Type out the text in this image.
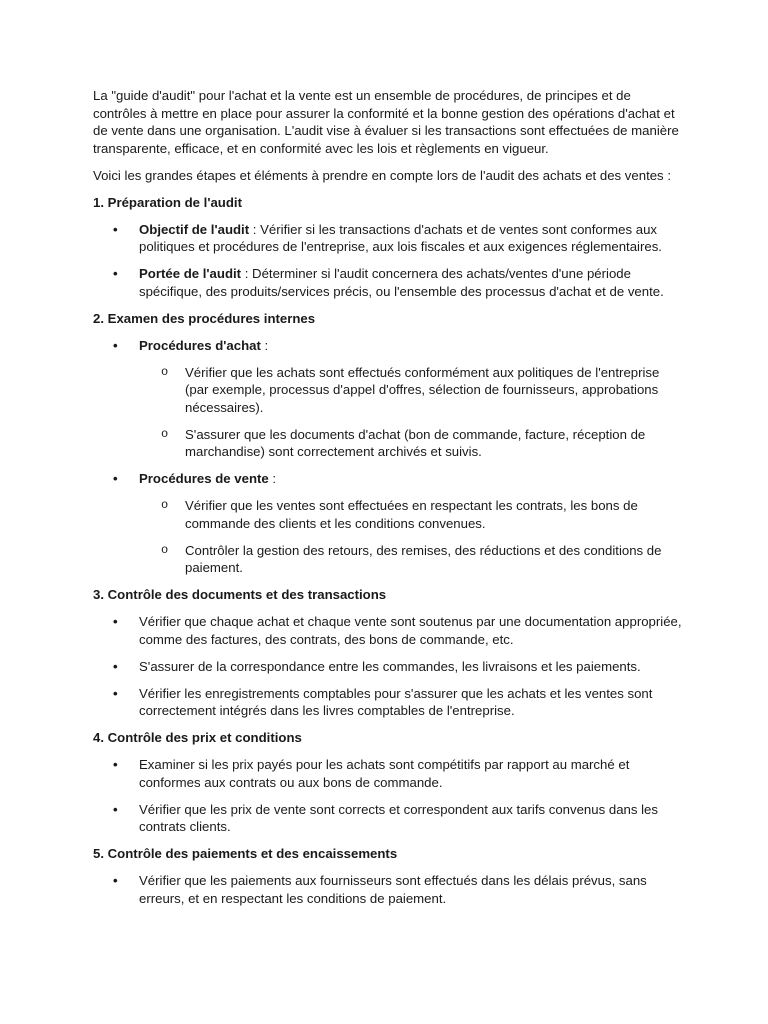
La "guide d'audit" pour l'achat et la vente est un ensemble de procédures, de principes et de contrôles à mettre en place pour assurer la conformité et la bonne gestion des opérations d'achat et de vente dans une organisation. L'audit vise à évaluer si les transactions sont effectuées de manière transparente, efficace, et en conformité avec les lois et règlements en vigueur.

Voici les grandes étapes et éléments à prendre en compte lors de l'audit des achats et des ventes :

1. Préparation de l'audit
• Objectif de l'audit : Vérifier si les transactions d'achats et de ventes sont conformes aux politiques et procédures de l'entreprise, aux lois fiscales et aux exigences réglementaires.
• Portée de l'audit : Déterminer si l'audit concernera des achats/ventes d'une période spécifique, des produits/services précis, ou l'ensemble des processus d'achat et de vente.
2. Examen des procédures internes
• Procédures d'achat :
o Vérifier que les achats sont effectués conformément aux politiques de l'entreprise (par exemple, processus d'appel d'offres, sélection de fournisseurs, approbations nécessaires).
o S'assurer que les documents d'achat (bon de commande, facture, réception de marchandise) sont correctement archivés et suivis.
• Procédures de vente :
o Vérifier que les ventes sont effectuées en respectant les contrats, les bons de commande des clients et les conditions convenues.
o Contrôler la gestion des retours, des remises, des réductions et des conditions de paiement.
3. Contrôle des documents et des transactions
• Vérifier que chaque achat et chaque vente sont soutenus par une documentation appropriée, comme des factures, des contrats, des bons de commande, etc.
• S'assurer de la correspondance entre les commandes, les livraisons et les paiements.
• Vérifier les enregistrements comptables pour s'assurer que les achats et les ventes sont correctement intégrés dans les livres comptables de l'entreprise.
4. Contrôle des prix et conditions
• Examiner si les prix payés pour les achats sont compétitifs par rapport au marché et conformes aux contrats ou aux bons de commande.
• Vérifier que les prix de vente sont corrects et correspondent aux tarifs convenus dans les contrats clients.
5. Contrôle des paiements et des encaissements
• Vérifier que les paiements aux fournisseurs sont effectués dans les délais prévus, sans erreurs, et en respectant les conditions de paiement.
